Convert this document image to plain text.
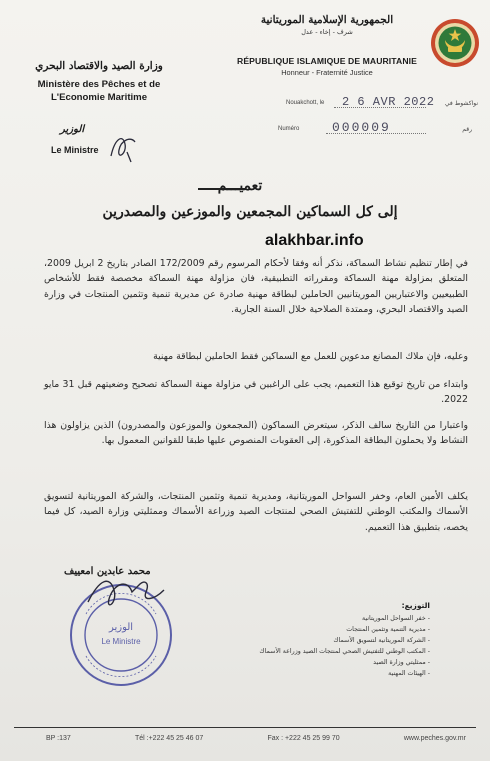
الجمهورية الإسلامية الموريتانية
شرف - إخاء - عدل
RÉPUBLIQUE ISLAMIQUE DE MAURITANIE
Honneur - Fraternité Justice
وزارة الصيد والاقتصاد البحري
Ministère des Pêches et de
L'Economie Maritime
الوزير
Le Ministre
Nouakchott, le 2 6 AVR 2022 نواكشوط في
Numéro	000009	رقم
تعميـــم
إلى كل السماكين المجمعين والموزعين والمصدرين
alakhbar.info

في إطار تنظيم نشاط السماكة، نذكر أنه وفقا لأحكام المرسوم رقم 172/2009 الصادر بتاريخ 2 ابريل 2009، المتعلق بمزاولة مهنة السماكة ومقرراته التطبيقية، فان مزاولة مهنة السماكة مخصصة فقط للأشخاص الطبيعيين والاعتباريين الموريتانيين الحاملين لبطاقة مهنية صادرة عن مديرية تنمية وتثمين المنتجات في وزارة الصيد والاقتصاد البحري، وممتدة الصلاحية خلال السنة الجارية.

وعليه، فإن ملاك المصانع مدعوين للعمل مع السماكين فقط الحاملين لبطاقة مهنية

وابتداء من تاريخ توقيع هذا التعميم، يجب على الراغبين في مزاولة مهنة السماكة تصحيح وضعيتهم قبل 31 مايو 2022.

واعتبارا من التاريخ سالف الذكر، سيتعرض السماكون (المجمعون والموزعون والمصدرون) الذين يزاولون هذا النشاط ولا يحملون البطاقة المذكورة، إلى العقوبات المنصوص عليها طبقا للقوانين المعمول بها.

يكلف الأمين العام، وخفر السواحل الموريتانية، ومديرية تنمية وتثمين المنتجات، والشركة الموريتانية لتسويق الأسماك والمكتب الوطني للتفتيش الصحي لمنتجات الصيد وزراعة الأسماك وممثليتي وزارة الصيد، كل فيما يخصه، بتطبيق هذا التعميم.

محمد عابدين امعييف
الوزير
Le Ministre
التوزيع:
- خفر السواحل الموريتانية
- مديرية التنمية وتثمين المنتجات
- الشركة الموريتانية لتسويق الأسماك
- المكتب الوطني للتفتيش الصحي لمنتجات الصيد وزراعة الأسماك
- ممثليتي وزارة الصيد
- الهيئات المهنية
BP :137	Tél :+222 45 25 46 07	Fax : +222 45 25 99 70	www.peches.gov.mr
